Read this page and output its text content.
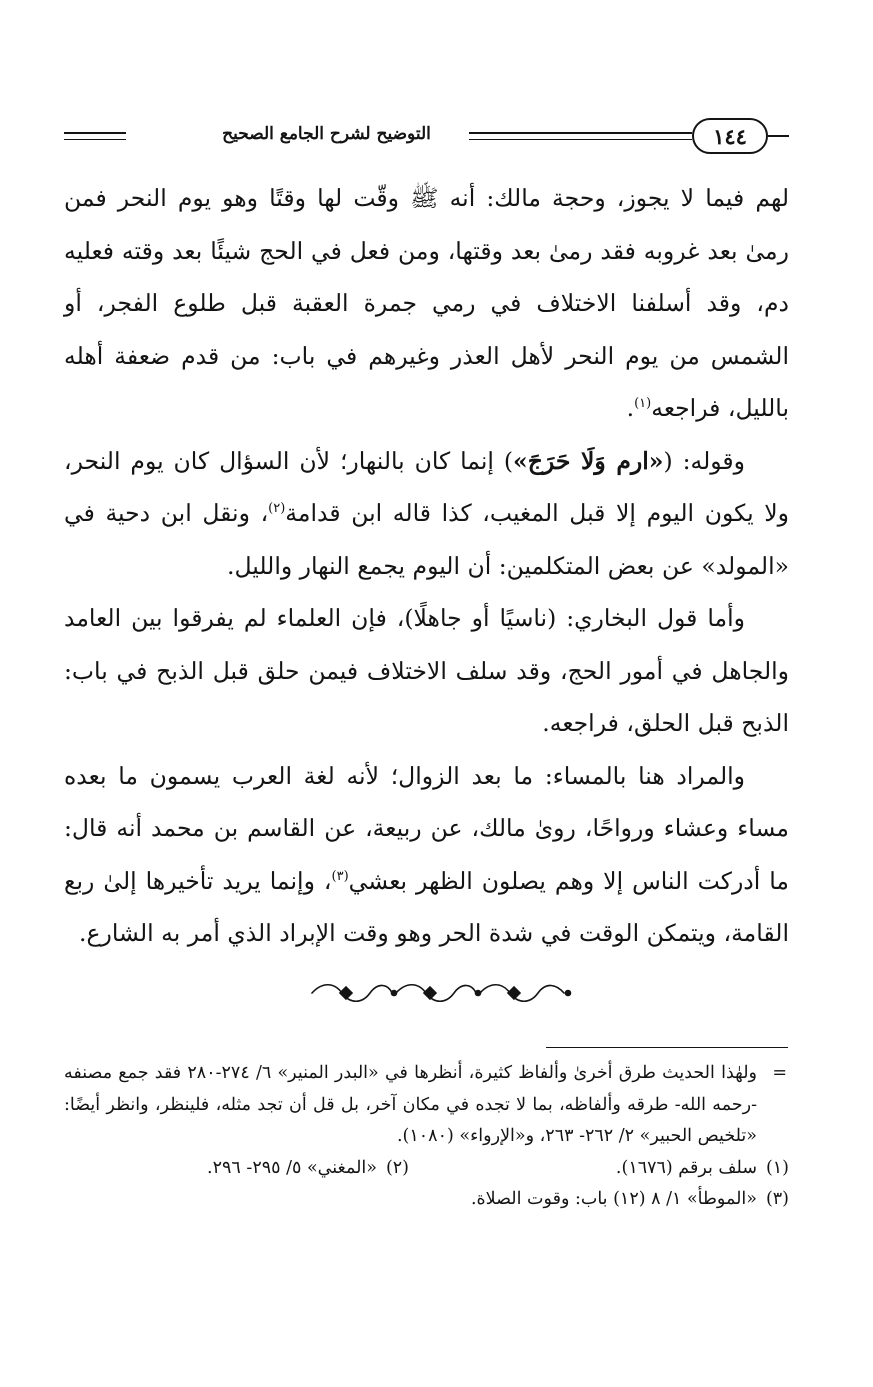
التوضيح لشرح الجامع الصحيح	١٤٤

لهم فيما لا يجوز، وحجة مالك: أنه ﷺ وقّت لها وقتًا وهو يوم النحر فمن رمىٰ بعد غروبه فقد رمىٰ بعد وقتها، ومن فعل في الحج شيئًا بعد وقته فعليه دم، وقد أسلفنا الاختلاف في رمي جمرة العقبة قبل طلوع الفجر، أو الشمس من يوم النحر لأهل العذر وغيرهم في باب: من قدم ضعفة أهله بالليل، فراجعه$^{(١)}$.

وقوله: («ارم وَلَا حَرَجَ») إنما كان بالنهار؛ لأن السؤال كان يوم النحر، ولا يكون اليوم إلا قبل المغيب، كذا قاله ابن قدامة$^{(٢)}$، ونقل ابن دحية في «المولد» عن بعض المتكلمين: أن اليوم يجمع النهار والليل.

وأما قول البخاري: (ناسيًا أو جاهلًا)، فإن العلماء لم يفرقوا بين العامد والجاهل في أمور الحج، وقد سلف الاختلاف فيمن حلق قبل الذبح في باب: الذبح قبل الحلق، فراجعه.

والمراد هنا بالمساء: ما بعد الزوال؛ لأنه لغة العرب يسمون ما بعده مساء وعشاء ورواحًا، روىٰ مالك، عن ربيعة، عن القاسم بن محمد أنه قال: ما أدركت الناس إلا وهم يصلون الظهر بعشي$^{(٣)}$، وإنما يريد تأخيرها إلىٰ ربع القامة، ويتمكن الوقت في شدة الحر وهو وقت الإبراد الذي أمر به الشارع.

=
ولهٰذا الحديث طرق أخرىٰ وألفاظ كثيرة، أنظرها في «البدر المنير» ٦/ ٢٧٤-٢٨٠ فقد جمع مصنفه -رحمه الله- طرقه وألفاظه، بما لا تجده في مكان آخر، بل قل أن تجد مثله، فلينظر، وانظر أيضًا: «تلخيص الحبير» ٢/ ٢٦٢- ٢٦٣، و«الإرواء» (١٠٨٠).
(١)
سلف برقم (١٦٧٦).
(٢)
«المغني» ٥/ ٢٩٥- ٢٩٦.
(٣)
«الموطأ» ١/ ٨ (١٢) باب: وقوت الصلاة.
